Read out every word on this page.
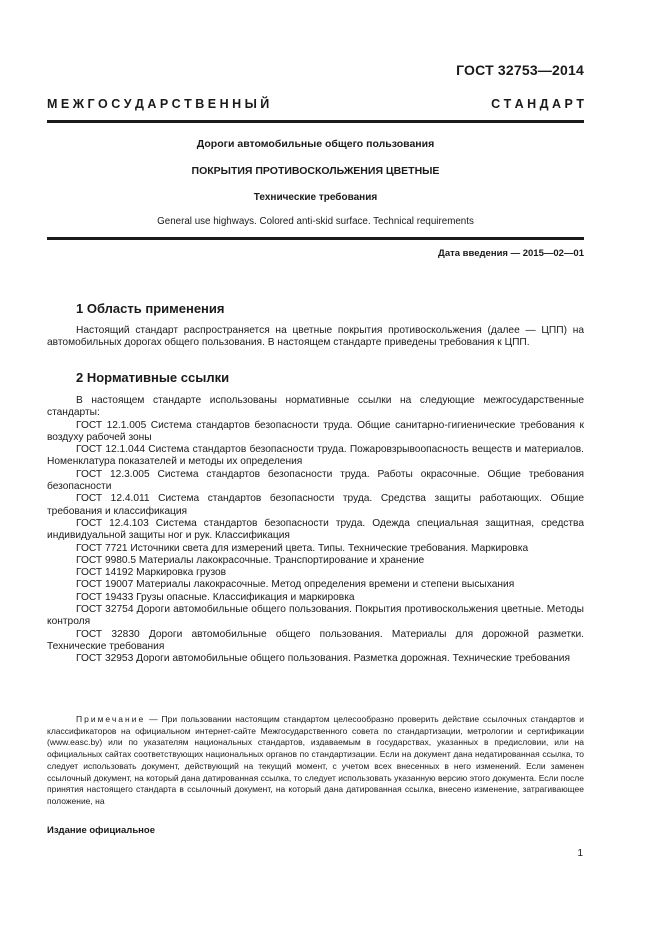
ГОСТ 32753—2014
М Е Ж Г О С У Д А Р С Т В Е Н Н Ы Й	С Т А Н Д А Р Т
Дороги автомобильные общего пользования
ПОКРЫТИЯ ПРОТИВОСКОЛЬЖЕНИЯ ЦВЕТНЫЕ
Технические требования
General use highways. Colored anti-skid surface. Technical requirements
Дата введения — 2015—02—01
1 Область применения

Настоящий стандарт распространяется на цветные покрытия противоскольжения (далее — ЦПП) на автомобильных дорогах общего пользования. В настоящем стандарте приведены требования к ЦПП.

2 Нормативные ссылки

В настоящем стандарте использованы нормативные ссылки на следующие межгосударственные стандарты:

ГОСТ 12.1.005 Система стандартов безопасности труда. Общие санитарно-гигиенические требования к воздуху рабочей зоны

ГОСТ 12.1.044 Система стандартов безопасности труда. Пожаровзрывоопасность веществ и материалов. Номенклатура показателей и методы их определения

ГОСТ 12.3.005 Система стандартов безопасности труда. Работы окрасочные. Общие требования безопасности

ГОСТ 12.4.011 Система стандартов безопасности труда. Средства защиты работающих. Общие требования и классификация

ГОСТ 12.4.103 Система стандартов безопасности труда. Одежда специальная защитная, средства индивидуальной защиты ног и рук. Классификация

ГОСТ 7721 Источники света для измерений цвета. Типы. Технические требования. Маркировка

ГОСТ 9980.5 Материалы лакокрасочные. Транспортирование и хранение

ГОСТ 14192 Маркировка грузов

ГОСТ 19007 Материалы лакокрасочные. Метод определения времени и степени высыхания

ГОСТ 19433 Грузы опасные. Классификация и маркировка

ГОСТ 32754 Дороги автомобильные общего пользования. Покрытия противоскольжения цветные. Методы контроля

ГОСТ 32830 Дороги автомобильные общего пользования. Материалы для дорожной разметки. Технические требования

ГОСТ 32953 Дороги автомобильные общего пользования. Разметка дорожная. Технические требования

Примечание — При пользовании настоящим стандартом целесообразно проверить действие ссылочных стандартов и классификаторов на официальном интернет-сайте Межгосударственного совета по стандартизации, метрологии и сертификации (www.easc.by) или по указателям национальных стандартов, издаваемым в государствах, указанных в предисловии, или на официальных сайтах соответствующих национальных органов по стандартизации. Если на документ дана недатированная ссылка, то следует использовать документ, действующий на текущий момент, с учетом всех внесенных в него изменений. Если заменен ссылочный документ, на который дана датированная ссылка, то следует использовать указанную версию этого документа. Если после принятия настоящего стандарта в ссылочный документ, на который дана датированная ссылка, внесено изменение, затрагивающее положение, на

Издание официальное
1
